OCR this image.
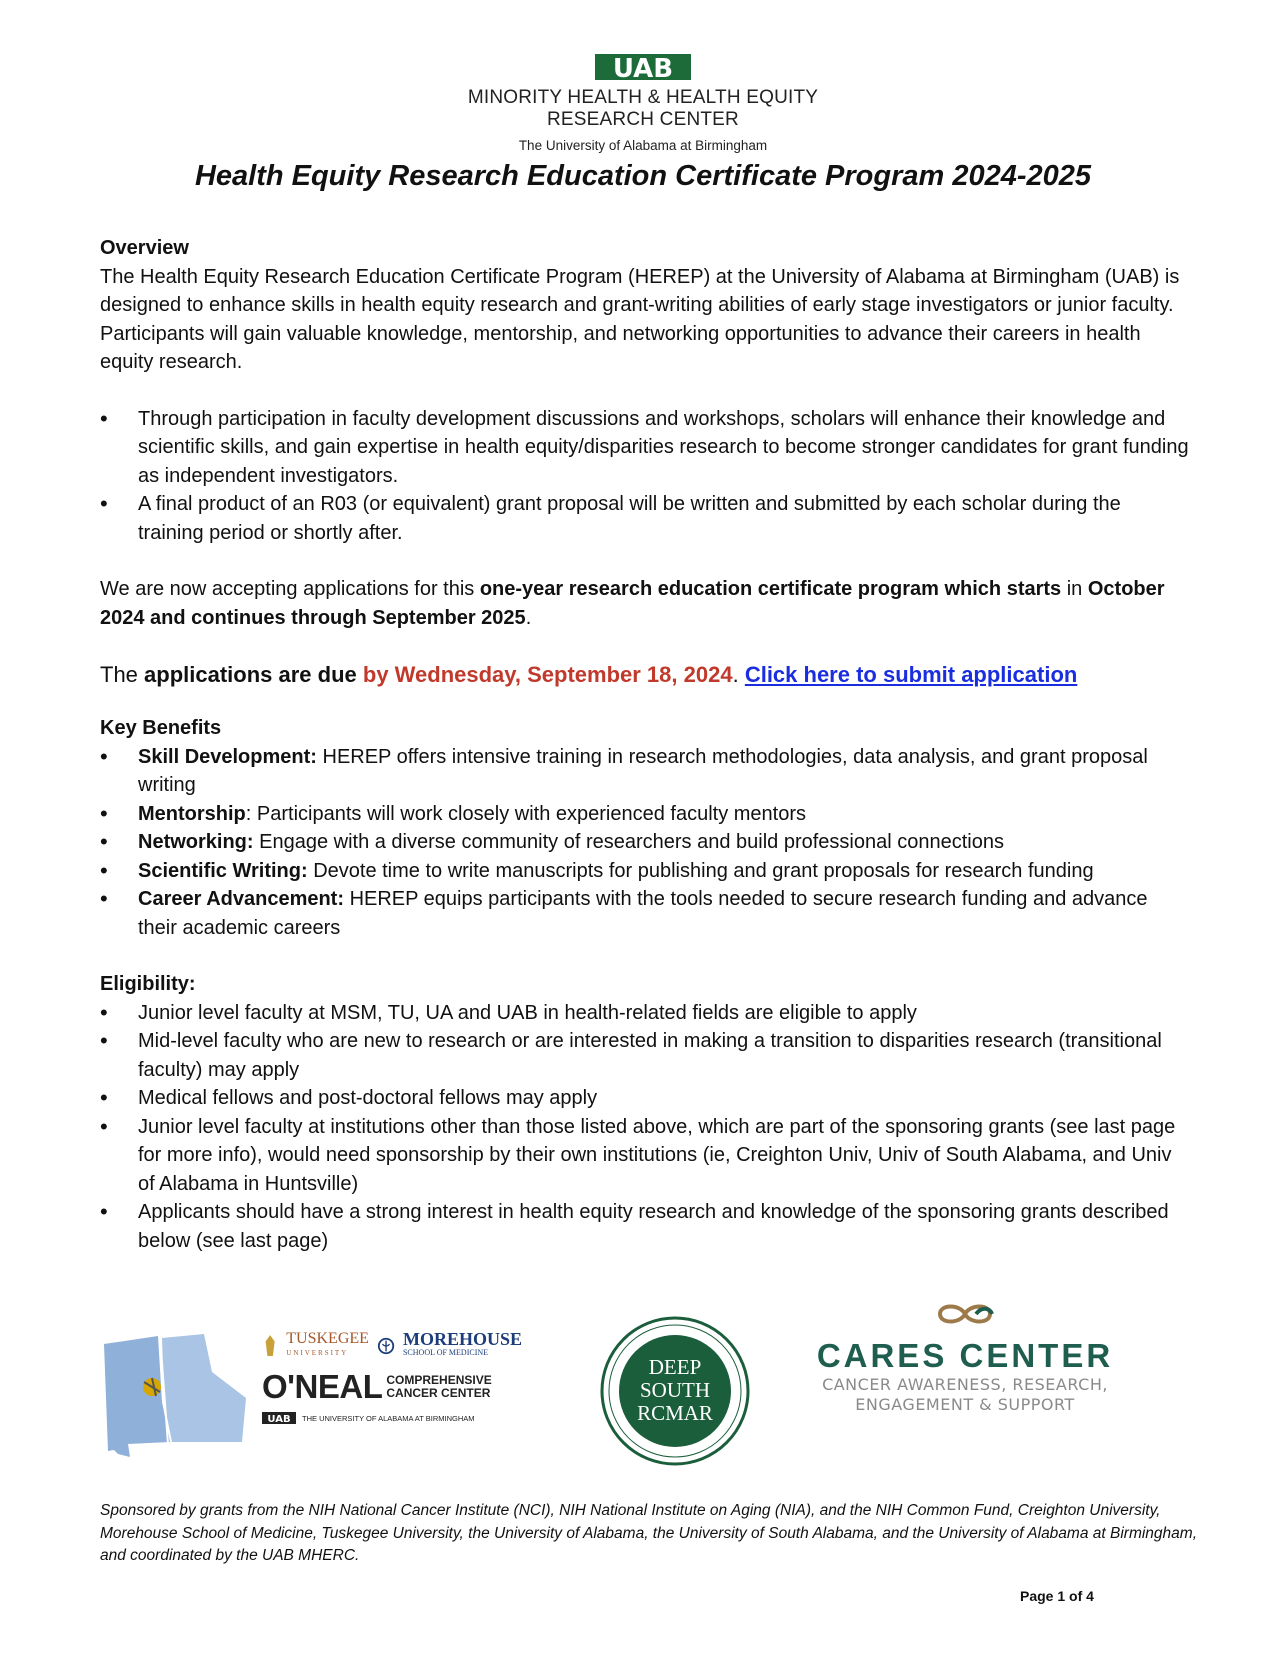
UAB
MINORITY HEALTH & HEALTH EQUITY
RESEARCH CENTER
The University of Alabama at Birmingham
Health Equity Research Education Certificate Program 2024-2025
Overview

The Health Equity Research Education Certificate Program (HEREP) at the University of Alabama at Birmingham (UAB) is designed to enhance skills in health equity research and grant-writing abilities of early stage investigators or junior faculty. Participants will gain valuable knowledge, mentorship, and networking opportunities to advance their careers in health equity research.

• Through participation in faculty development discussions and workshops, scholars will enhance their knowledge and scientific skills, and gain expertise in health equity/disparities research to become stronger candidates for grant funding as independent investigators.
• A final product of an R03 (or equivalent) grant proposal will be written and submitted by each scholar during the training period or shortly after.

We are now accepting applications for this one-year research education certificate program which starts in October 2024 and continues through September 2025.

The applications are due by Wednesday, September 18, 2024. Click here to submit application

Key Benefits
• Skill Development: HEREP offers intensive training in research methodologies, data analysis, and grant proposal writing
• Mentorship: Participants will work closely with experienced faculty mentors
• Networking: Engage with a diverse community of researchers and build professional connections
• Scientific Writing: Devote time to write manuscripts for publishing and grant proposals for research funding
• Career Advancement: HEREP equips participants with the tools needed to secure research funding and advance their academic careers
Eligibility:
• Junior level faculty at MSM, TU, UA and UAB in health-related fields are eligible to apply
• Mid-level faculty who are new to research or are interested in making a transition to disparities research (transitional faculty) may apply
• Medical fellows and post-doctoral fellows may apply
• Junior level faculty at institutions other than those listed above, which are part of the sponsoring grants (see last page for more info), would need sponsorship by their own institutions (ie, Creighton Univ, Univ of South Alabama, and Univ of Alabama in Huntsville)
• Applicants should have a strong interest in health equity research and knowledge of the sponsoring grants described below (see last page)
TUSKEGEE
UNIVERSITY
MOREHOUSE
SCHOOL OF MEDICINE
O'NEAL COMPREHENSIVE
CANCER CENTER
UAB THE UNIVERSITY OF ALABAMA AT BIRMINGHAM
DEEP
SOUTH
RCMAR
CARES CENTER
CANCER AWARENESS, RESEARCH,
ENGAGEMENT & SUPPORT
Sponsored by grants from the NIH National Cancer Institute (NCI), NIH National Institute on Aging (NIA), and the NIH Common Fund, Creighton University, Morehouse School of Medicine, Tuskegee University, the University of Alabama, the University of South Alabama, and the University of Alabama at Birmingham, and coordinated by the UAB MHERC.
Page 1 of 4
